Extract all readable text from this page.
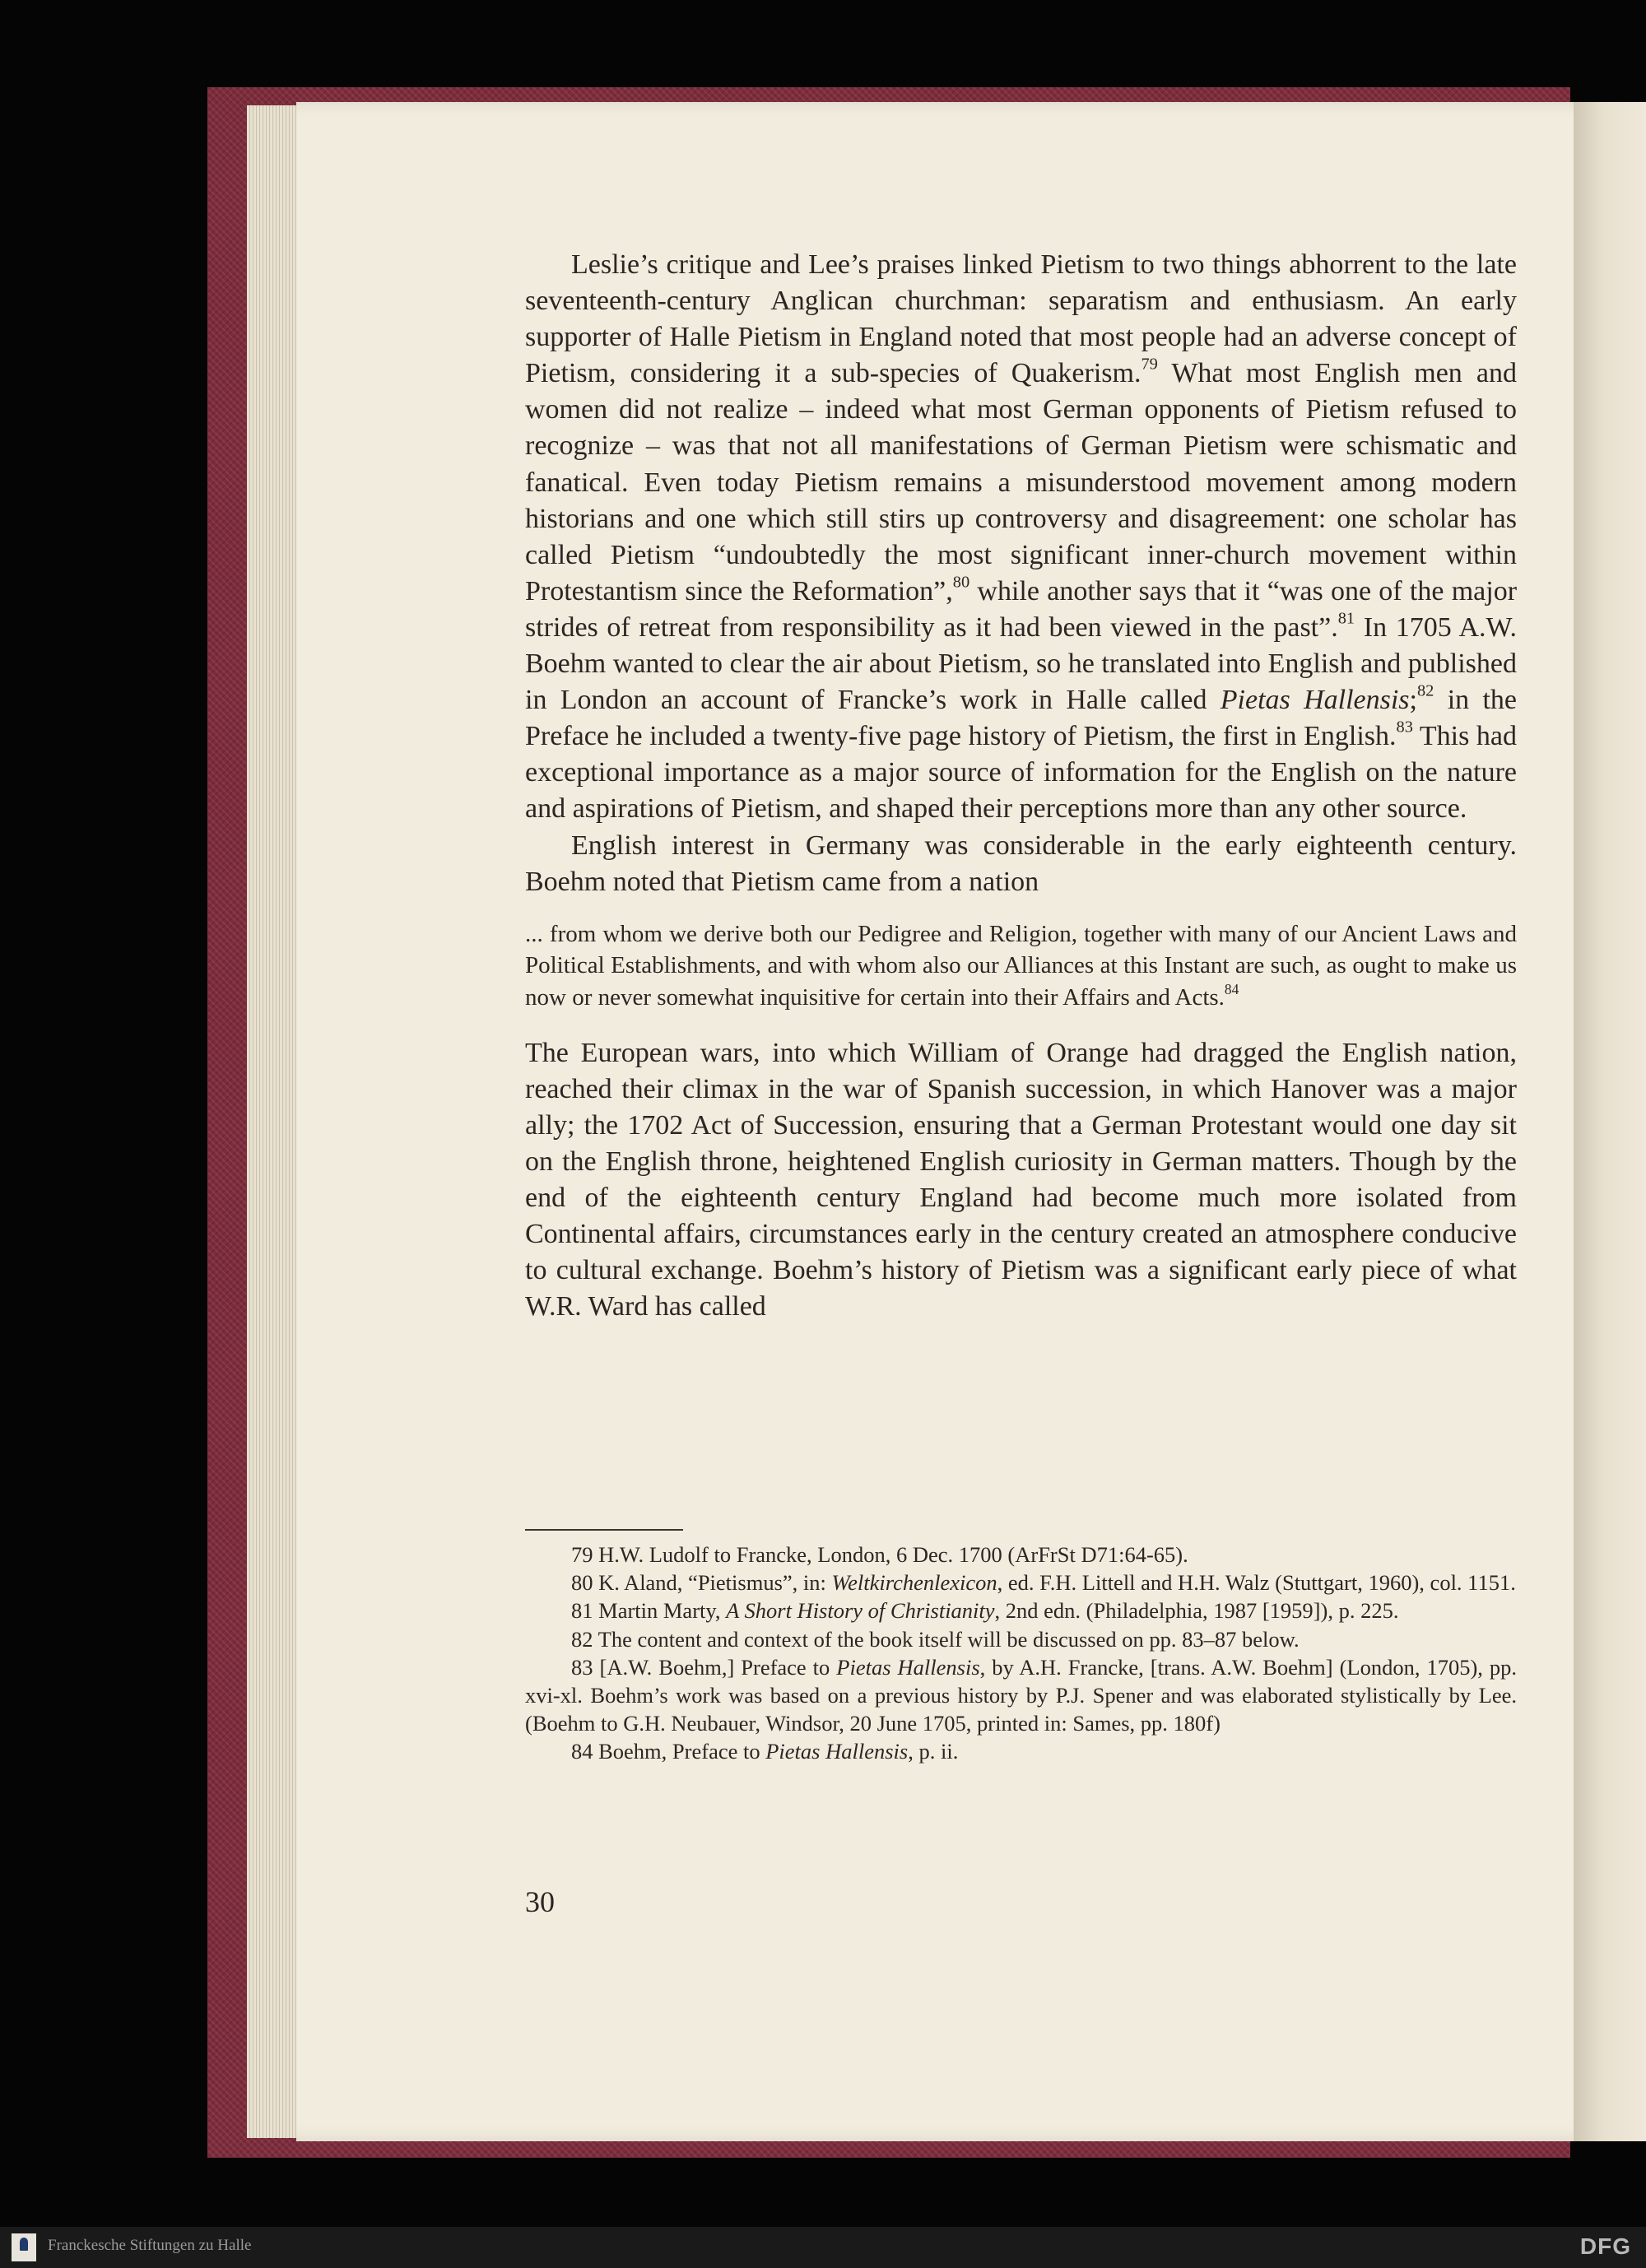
Leslie’s critique and Lee’s praises linked Pietism to two things abhorrent to the late seventeenth-century Anglican churchman: separatism and enthusiasm. An early supporter of Halle Pietism in England noted that most people had an adverse concept of Pietism, considering it a sub-species of Quakerism.$^{79}$ What most English men and women did not realize – indeed what most German opponents of Pietism refused to recognize – was that not all manifestations of German Pietism were schismatic and fanatical. Even today Pietism remains a misunderstood movement among modern historians and one which still stirs up controversy and disagreement: one scholar has called Pietism “undoubtedly the most significant inner-church movement within Protestantism since the Reformation”,$^{80}$ while another says that it “was one of the major strides of retreat from responsibility as it had been viewed in the past”.$^{81}$ In 1705 A.W. Boehm wanted to clear the air about Pietism, so he translated into English and published in London an account of Francke’s work in Halle called Pietas Hallensis;$^{82}$ in the Preface he included a twenty-five page history of Pietism, the first in English.$^{83}$ This had exceptional importance as a major source of information for the English on the nature and aspirations of Pietism, and shaped their perceptions more than any other source.

English interest in Germany was considerable in the early eighteenth century. Boehm noted that Pietism came from a nation

... from whom we derive both our Pedigree and Religion, together with many of our Ancient Laws and Political Establishments, and with whom also our Alliances at this Instant are such, as ought to make us now or never somewhat inquisitive for certain into their Affairs and Acts.$^{84}$

The European wars, into which William of Orange had dragged the English nation, reached their climax in the war of Spanish succession, in which Hanover was a major ally; the 1702 Act of Succession, ensuring that a German Protestant would one day sit on the English throne, heightened English curiosity in German matters. Though by the end of the eighteenth century England had become much more isolated from Continental affairs, circumstances early in the century created an atmosphere conducive to cultural exchange. Boehm’s history of Pietism was a significant early piece of what W.R. Ward has called

79 H.W. Ludolf to Francke, London, 6 Dec. 1700 (ArFrSt D71:64-65).

80 K. Aland, “Pietismus”, in: Weltkirchenlexicon, ed. F.H. Littell and H.H. Walz (Stuttgart, 1960), col. 1151.

81 Martin Marty, A Short History of Christianity, 2nd edn. (Philadelphia, 1987 [1959]), p. 225.

82 The content and context of the book itself will be discussed on pp. 83–87 below.

83 [A.W. Boehm,] Preface to Pietas Hallensis, by A.H. Francke, [trans. A.W. Boehm] (London, 1705), pp. xvi-xl. Boehm’s work was based on a previous history by P.J. Spener and was elaborated stylistically by Lee. (Boehm to G.H. Neubauer, Windsor, 20 June 1705, printed in: Sames, pp. 180f)

84 Boehm, Preface to Pietas Hallensis, p. ii.

30
Franckesche Stiftungen zu Halle	DFG
